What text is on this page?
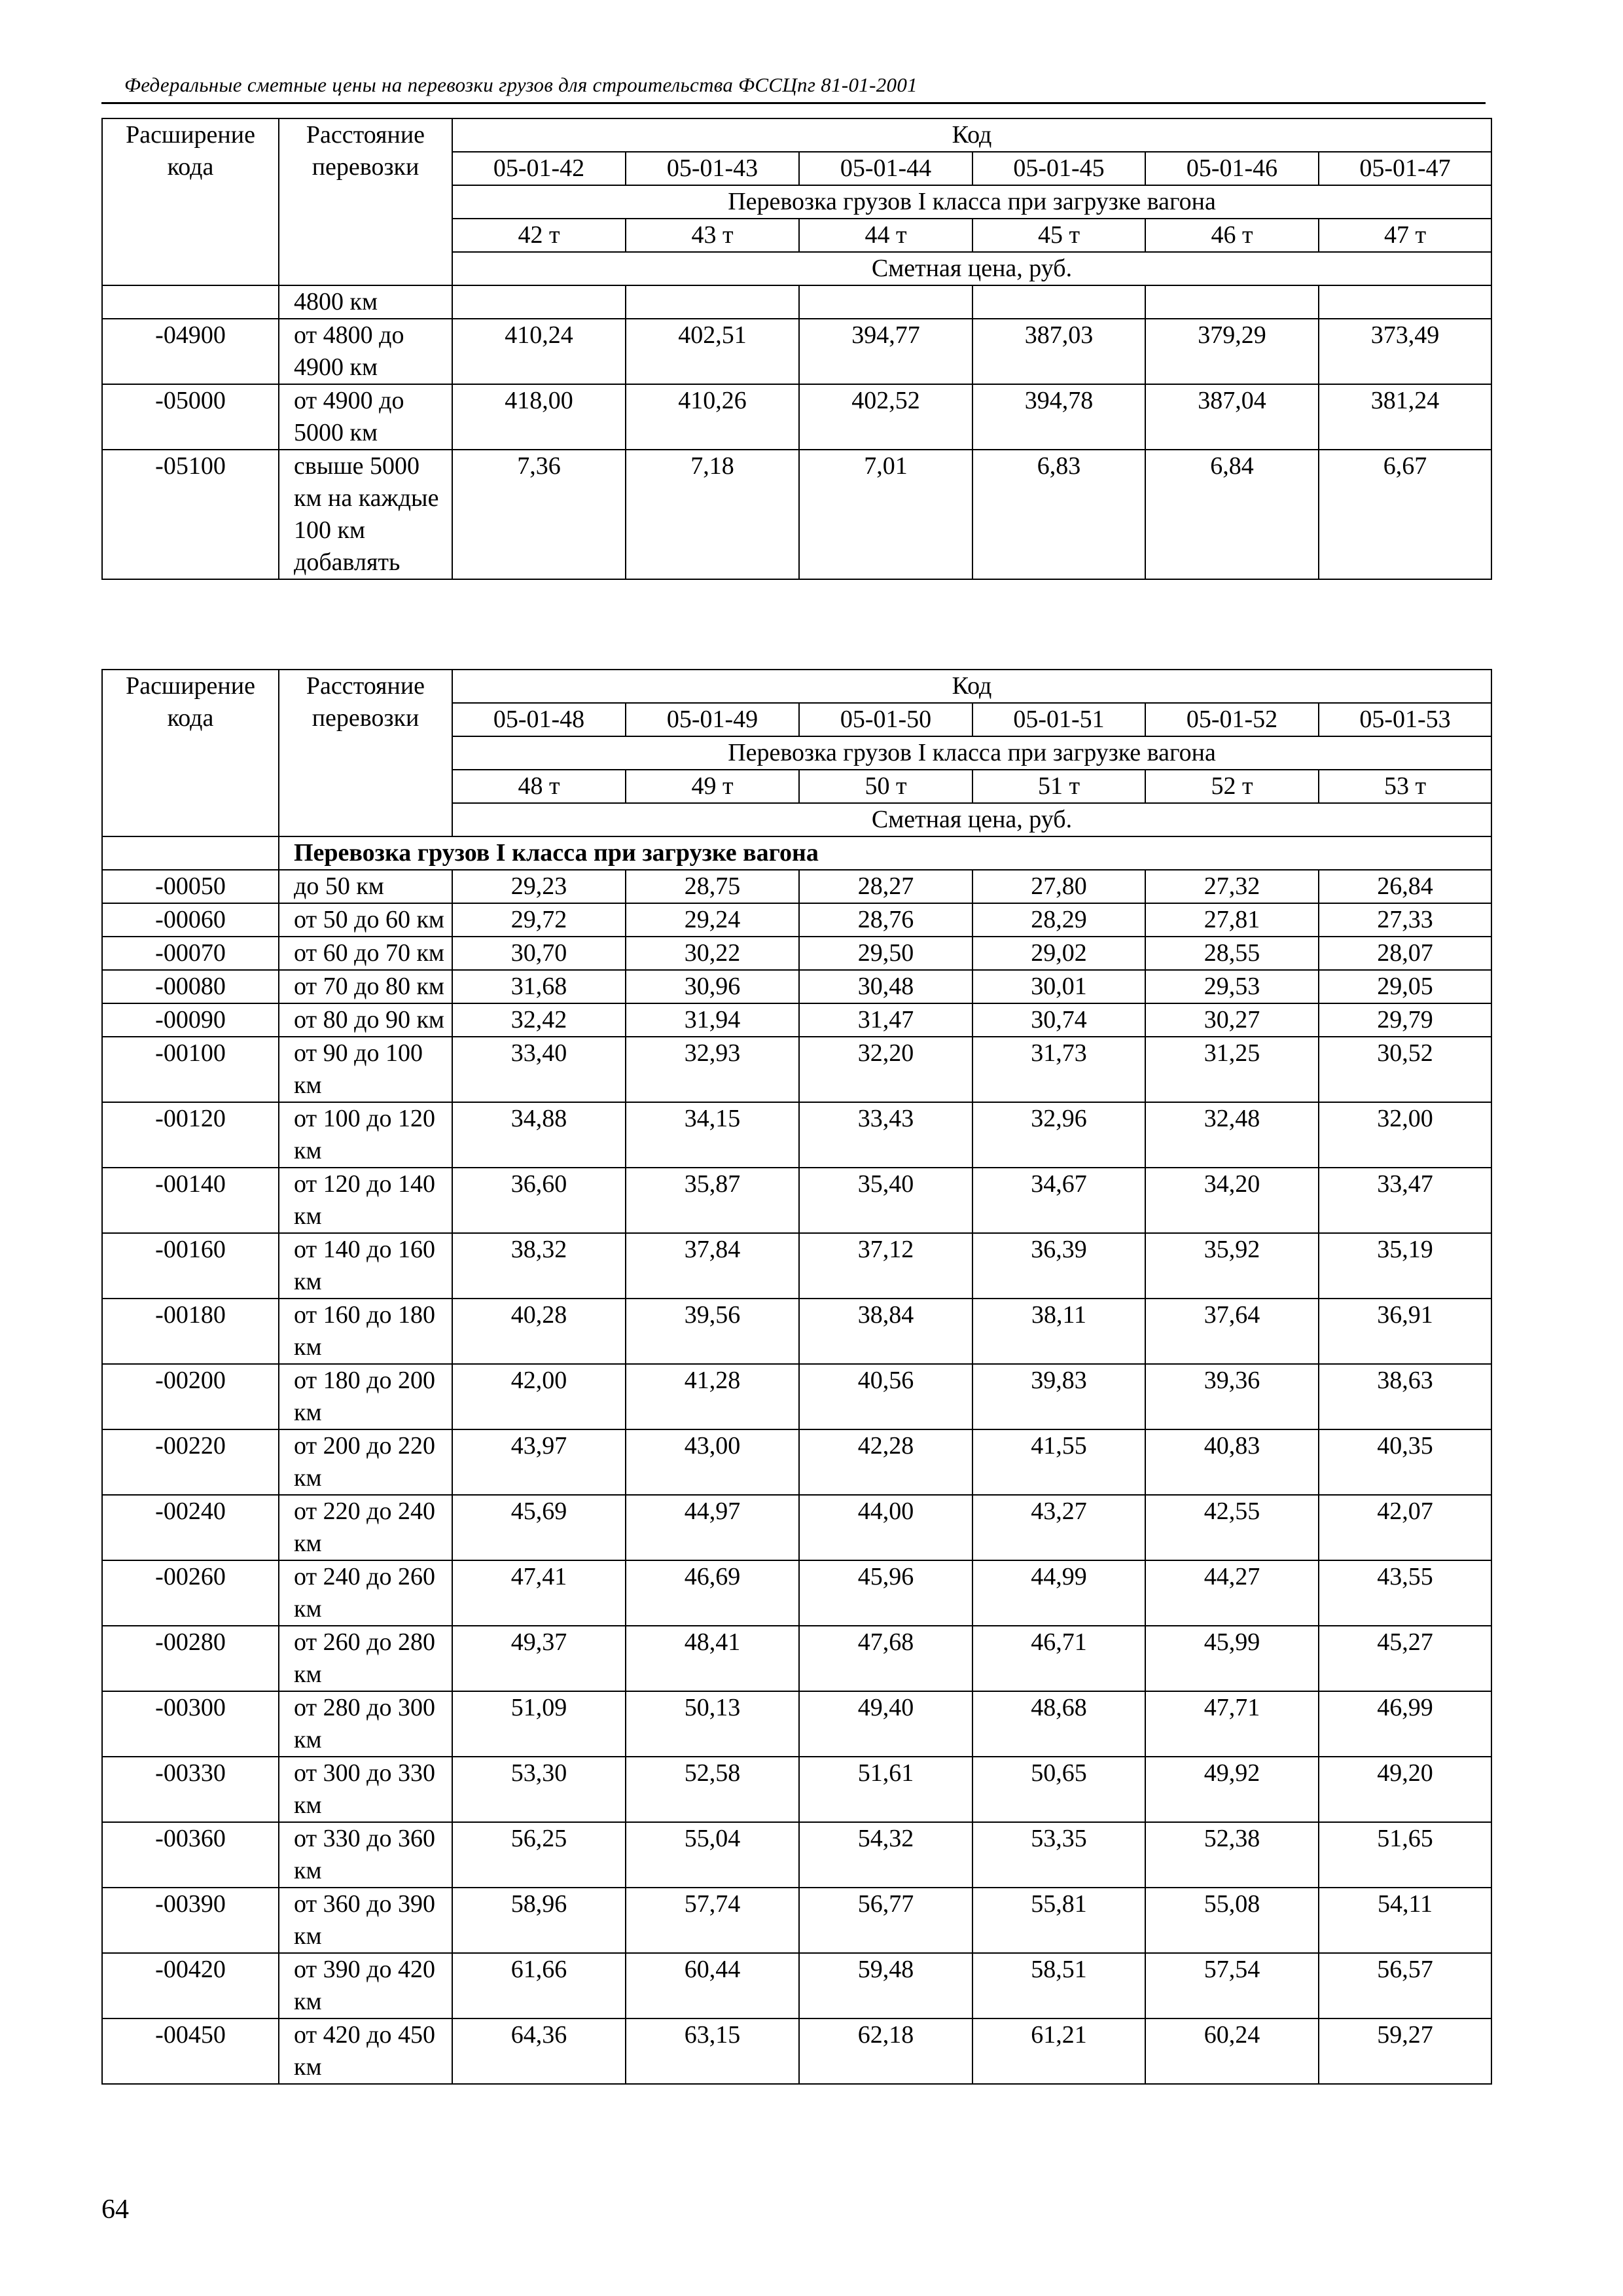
Федеральные сметные цены на перевозки грузов для строительства ФССЦпг 81-01-2001
Расширение кода	Расстояние перевозки	Код					
		05-01-42	05-01-43	05-01-44	05-01-45	05-01-46	05-01-47
		Перевозка грузов I класса при загрузке вагона					
		42 т	43 т	44 т	45 т	46 т	47 т
		Сметная цена, руб.					
	4800 км						
-04900	от 4800 до 4900 км	410,24	402,51	394,77	387,03	379,29	373,49
-05000	от 4900 до 5000 км	418,00	410,26	402,52	394,78	387,04	381,24
-05100	свыше 5000 км на каждые 100 км добавлять	7,36	7,18	7,01	6,83	6,84	6,67
Расширение кода	Расстояние перевозки	Код					
		05-01-48	05-01-49	05-01-50	05-01-51	05-01-52	05-01-53
		Перевозка грузов I класса при загрузке вагона					
		48 т	49 т	50 т	51 т	52 т	53 т
		Сметная цена, руб.					
	Перевозка грузов I класса при загрузке вагона						
-00050	до 50 км	29,23	28,75	28,27	27,80	27,32	26,84
-00060	от 50 до 60 км	29,72	29,24	28,76	28,29	27,81	27,33
-00070	от 60 до 70 км	30,70	30,22	29,50	29,02	28,55	28,07
-00080	от 70 до 80 км	31,68	30,96	30,48	30,01	29,53	29,05
-00090	от 80 до 90 км	32,42	31,94	31,47	30,74	30,27	29,79
-00100	от 90 до 100 км	33,40	32,93	32,20	31,73	31,25	30,52
-00120	от 100 до 120 км	34,88	34,15	33,43	32,96	32,48	32,00
-00140	от 120 до 140 км	36,60	35,87	35,40	34,67	34,20	33,47
-00160	от 140 до 160 км	38,32	37,84	37,12	36,39	35,92	35,19
-00180	от 160 до 180 км	40,28	39,56	38,84	38,11	37,64	36,91
-00200	от 180 до 200 км	42,00	41,28	40,56	39,83	39,36	38,63
-00220	от 200 до 220 км	43,97	43,00	42,28	41,55	40,83	40,35
-00240	от 220 до 240 км	45,69	44,97	44,00	43,27	42,55	42,07
-00260	от 240 до 260 км	47,41	46,69	45,96	44,99	44,27	43,55
-00280	от 260 до 280 км	49,37	48,41	47,68	46,71	45,99	45,27
-00300	от 280 до 300 км	51,09	50,13	49,40	48,68	47,71	46,99
-00330	от 300 до 330 км	53,30	52,58	51,61	50,65	49,92	49,20
-00360	от 330 до 360 км	56,25	55,04	54,32	53,35	52,38	51,65
-00390	от 360 до 390 км	58,96	57,74	56,77	55,81	55,08	54,11
-00420	от 390 до 420 км	61,66	60,44	59,48	58,51	57,54	56,57
-00450	от 420 до 450 км	64,36	63,15	62,18	61,21	60,24	59,27
64
